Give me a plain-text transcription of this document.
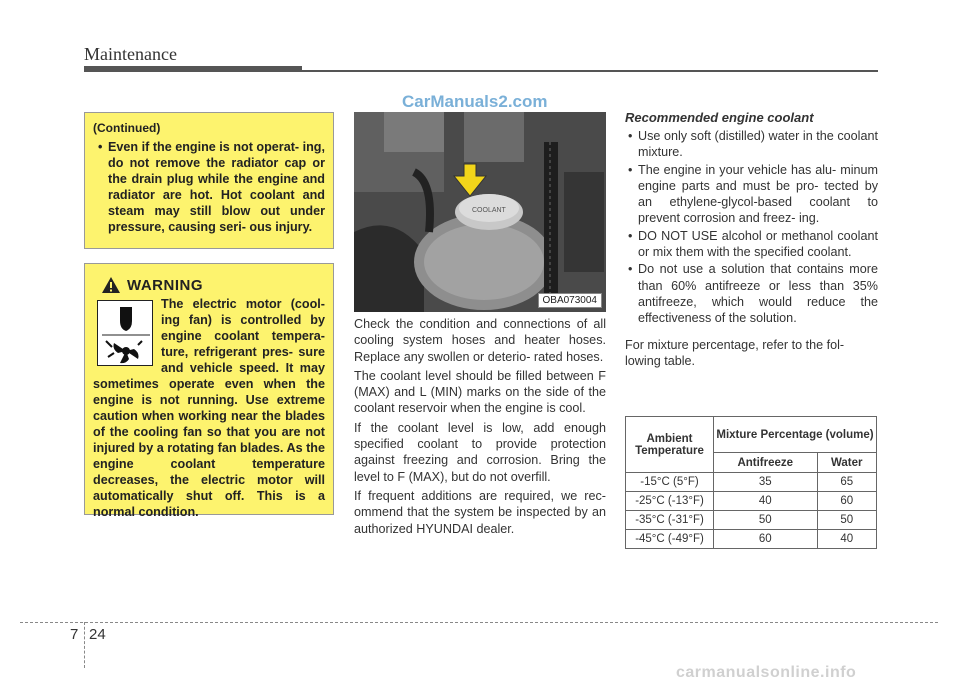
Maintenance
CarManuals2.com
(Continued)
• Even if the engine is not operat- ing, do not remove the radiator cap or the drain plug while the engine and radiator are hot. Hot coolant and steam may still blow out under pressure, causing seri- ous injury.
WARNING
The electric motor (cool- ing fan) is controlled by engine coolant tempera- ture, refrigerant pres- sure and vehicle speed. It may sometimes operate even when the engine is not running. Use extreme caution when working near the blades of the cooling fan so that you are not injured by a rotating fan blades. As the engine coolant temperature decreases, the electric motor will automatically shut off. This is a normal condition.
COOLANT
OBA073004

Check the condition and connections of all cooling system hoses and heater hoses. Replace any swollen or deterio- rated hoses.

The coolant level should be filled between F (MAX) and L (MIN) marks on the side of the coolant reservoir when the engine is cool.

If the coolant level is low, add enough specified coolant to provide protection against freezing and corrosion. Bring the level to F (MAX), but do not overfill.

If frequent additions are required, we rec- ommend that the system be inspected by an authorized HYUNDAI dealer.

Recommended engine coolant
• Use only soft (distilled) water in the coolant mixture.
• The engine in your vehicle has alu- minum engine parts and must be pro- tected by an ethylene-glycol-based coolant to prevent corrosion and freez- ing.
• DO NOT USE alcohol or methanol coolant or mix them with the specified coolant.
• Do not use a solution that contains more than 60% antifreeze or less than 35% antifreeze, which would reduce the effectiveness of the solution.
For mixture percentage, refer to the fol- lowing table.
Ambient Temperature	Mixture Percentage (volume)	
	Antifreeze	Water
-15°C (5°F)	35	65
-25°C (-13°F)	40	60
-35°C (-31°F)	50	50
-45°C (-49°F)	60	40
7 24
carmanualsonline.info
